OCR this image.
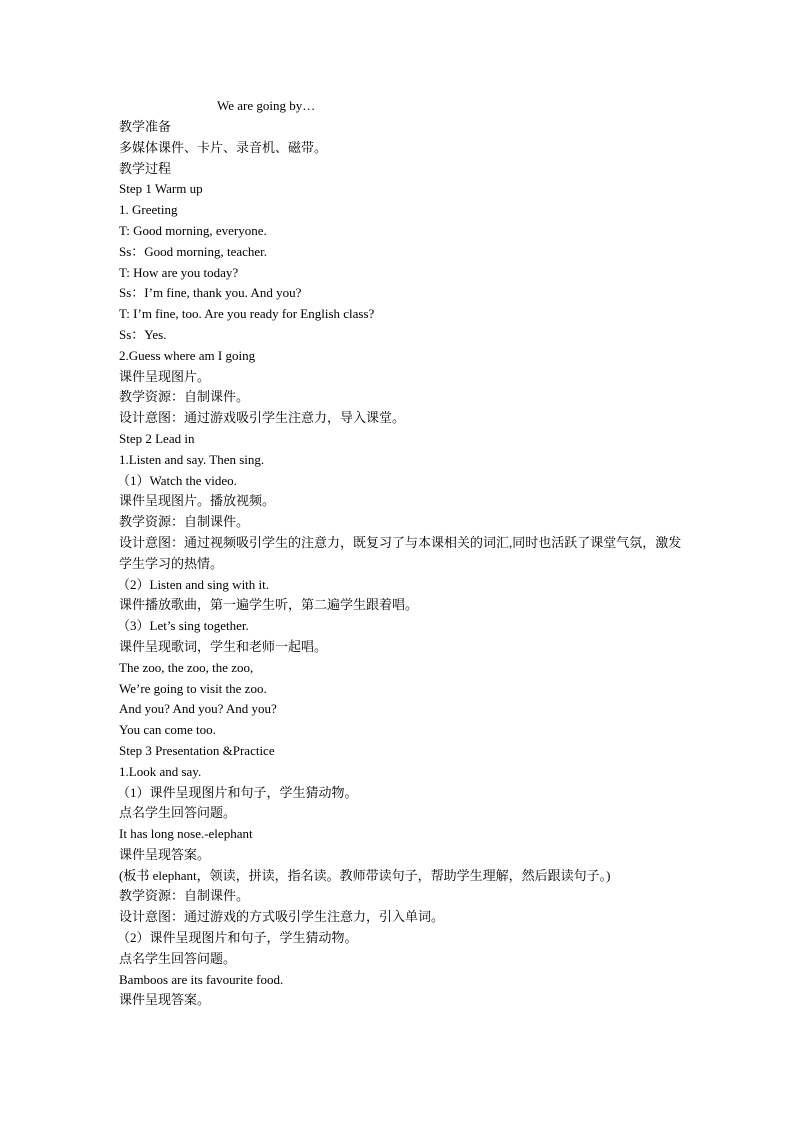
We are going by…
教学准备
多媒体课件、卡片、录音机、磁带。
教学过程
Step 1 Warm up
1. Greeting
T: Good morning, everyone.
Ss：Good morning, teacher.
T: How are you today?
Ss：I’m fine, thank you. And you?
T: I’m fine, too. Are you ready for English class?
Ss：Yes.
2.Guess where am I going
课件呈现图片。
教学资源：自制课件。
设计意图：通过游戏吸引学生注意力，导入课堂。
Step 2 Lead in
1.Listen and say. Then sing.
（1）Watch the video.
课件呈现图片。播放视频。
教学资源：自制课件。
设计意图：通过视频吸引学生的注意力，既复习了与本课相关的词汇,同时也活跃了课堂气氛，激发学生学习的热情。
（2）Listen and sing with it.
课件播放歌曲，第一遍学生听，第二遍学生跟着唱。
（3）Let’s sing together.
课件呈现歌词，学生和老师一起唱。
The zoo, the zoo, the zoo,
We’re going to visit the zoo.
And you? And you? And you?
You can come too.
Step 3 Presentation &Practice
1.Look and say.
（1）课件呈现图片和句子，学生猜动物。
点名学生回答问题。
It has long nose.-elephant
课件呈现答案。
(板书 elephant，领读，拼读，指名读。教师带读句子，帮助学生理解，然后跟读句子。)
教学资源：自制课件。
设计意图：通过游戏的方式吸引学生注意力，引入单词。
（2）课件呈现图片和句子，学生猜动物。
点名学生回答问题。
Bamboos are its favourite food.
课件呈现答案。
